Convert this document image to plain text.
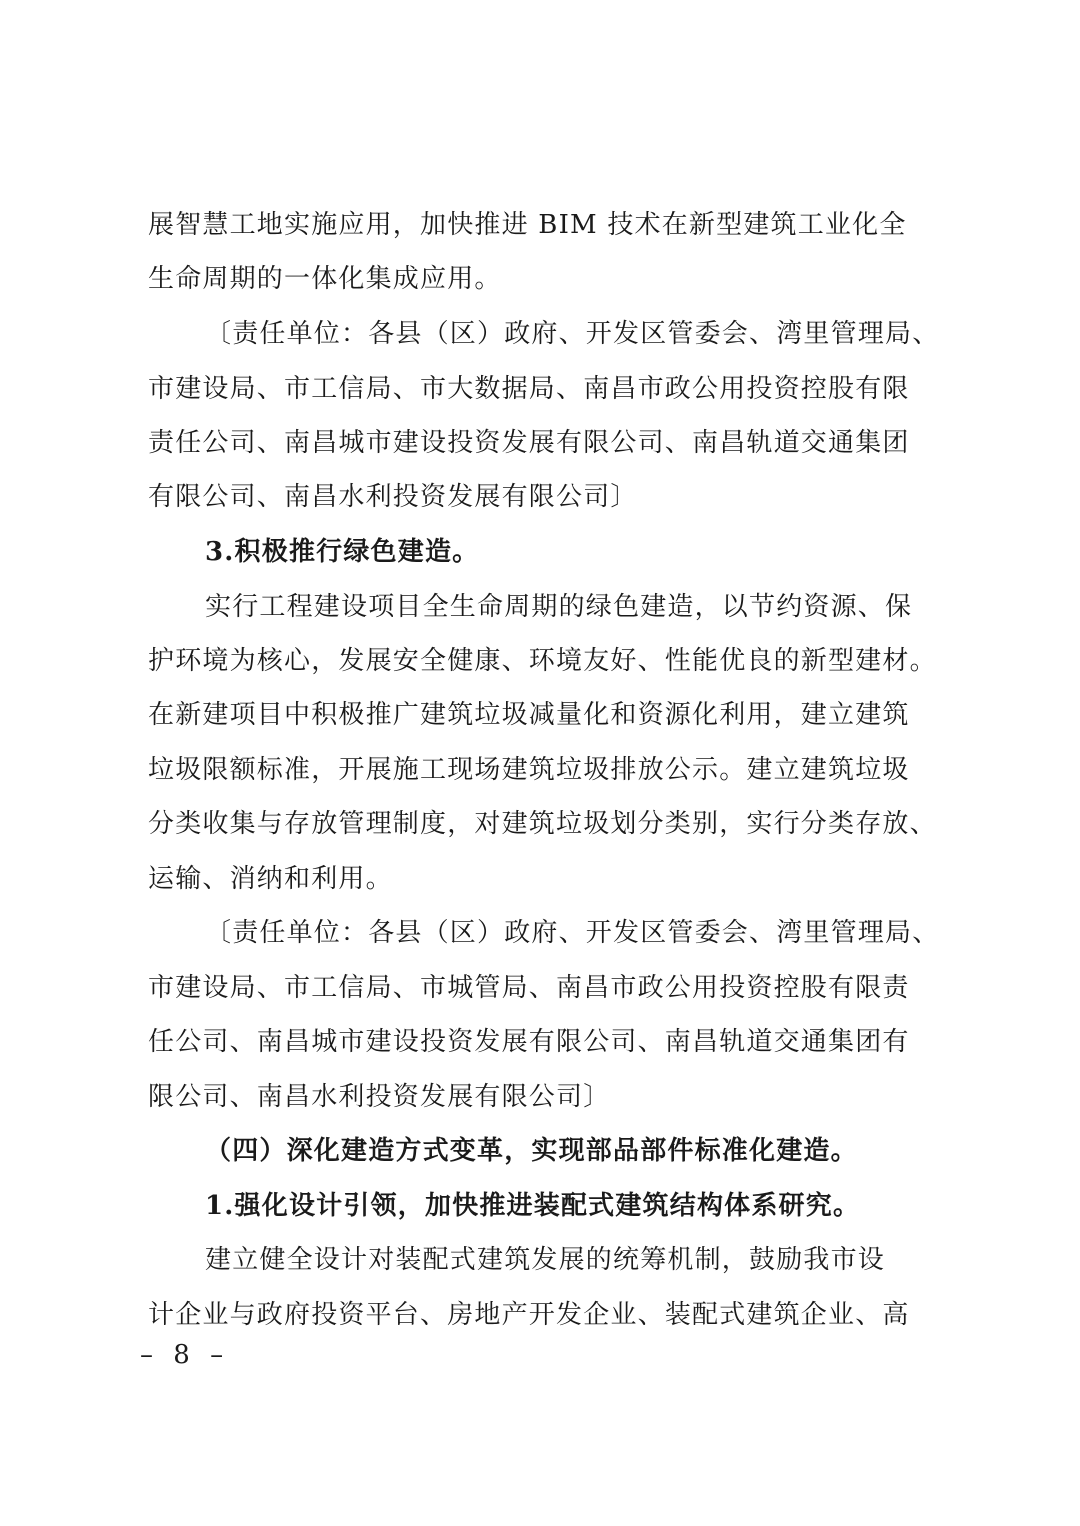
展智慧工地实施应用，加快推进 BIM 技术在新型建筑工业化全
生命周期的一体化集成应用。
〔责任单位：各县（区）政府、开发区管委会、湾里管理局、
市建设局、市工信局、市大数据局、南昌市政公用投资控股有限
责任公司、南昌城市建设投资发展有限公司、南昌轨道交通集团
有限公司、南昌水利投资发展有限公司〕
3.积极推行绿色建造。
实行工程建设项目全生命周期的绿色建造，以节约资源、保
护环境为核心，发展安全健康、环境友好、性能优良的新型建材。
在新建项目中积极推广建筑垃圾减量化和资源化利用，建立建筑
垃圾限额标准，开展施工现场建筑垃圾排放公示。建立建筑垃圾
分类收集与存放管理制度，对建筑垃圾划分类别，实行分类存放、
运输、消纳和利用。
〔责任单位：各县（区）政府、开发区管委会、湾里管理局、
市建设局、市工信局、市城管局、南昌市政公用投资控股有限责
任公司、南昌城市建设投资发展有限公司、南昌轨道交通集团有
限公司、南昌水利投资发展有限公司〕
（四）深化建造方式变革，实现部品部件标准化建造。
1.强化设计引领，加快推进装配式建筑结构体系研究。
建立健全设计对装配式建筑发展的统筹机制，鼓励我市设
计企业与政府投资平台、房地产开发企业、装配式建筑企业、高
– 8 –
